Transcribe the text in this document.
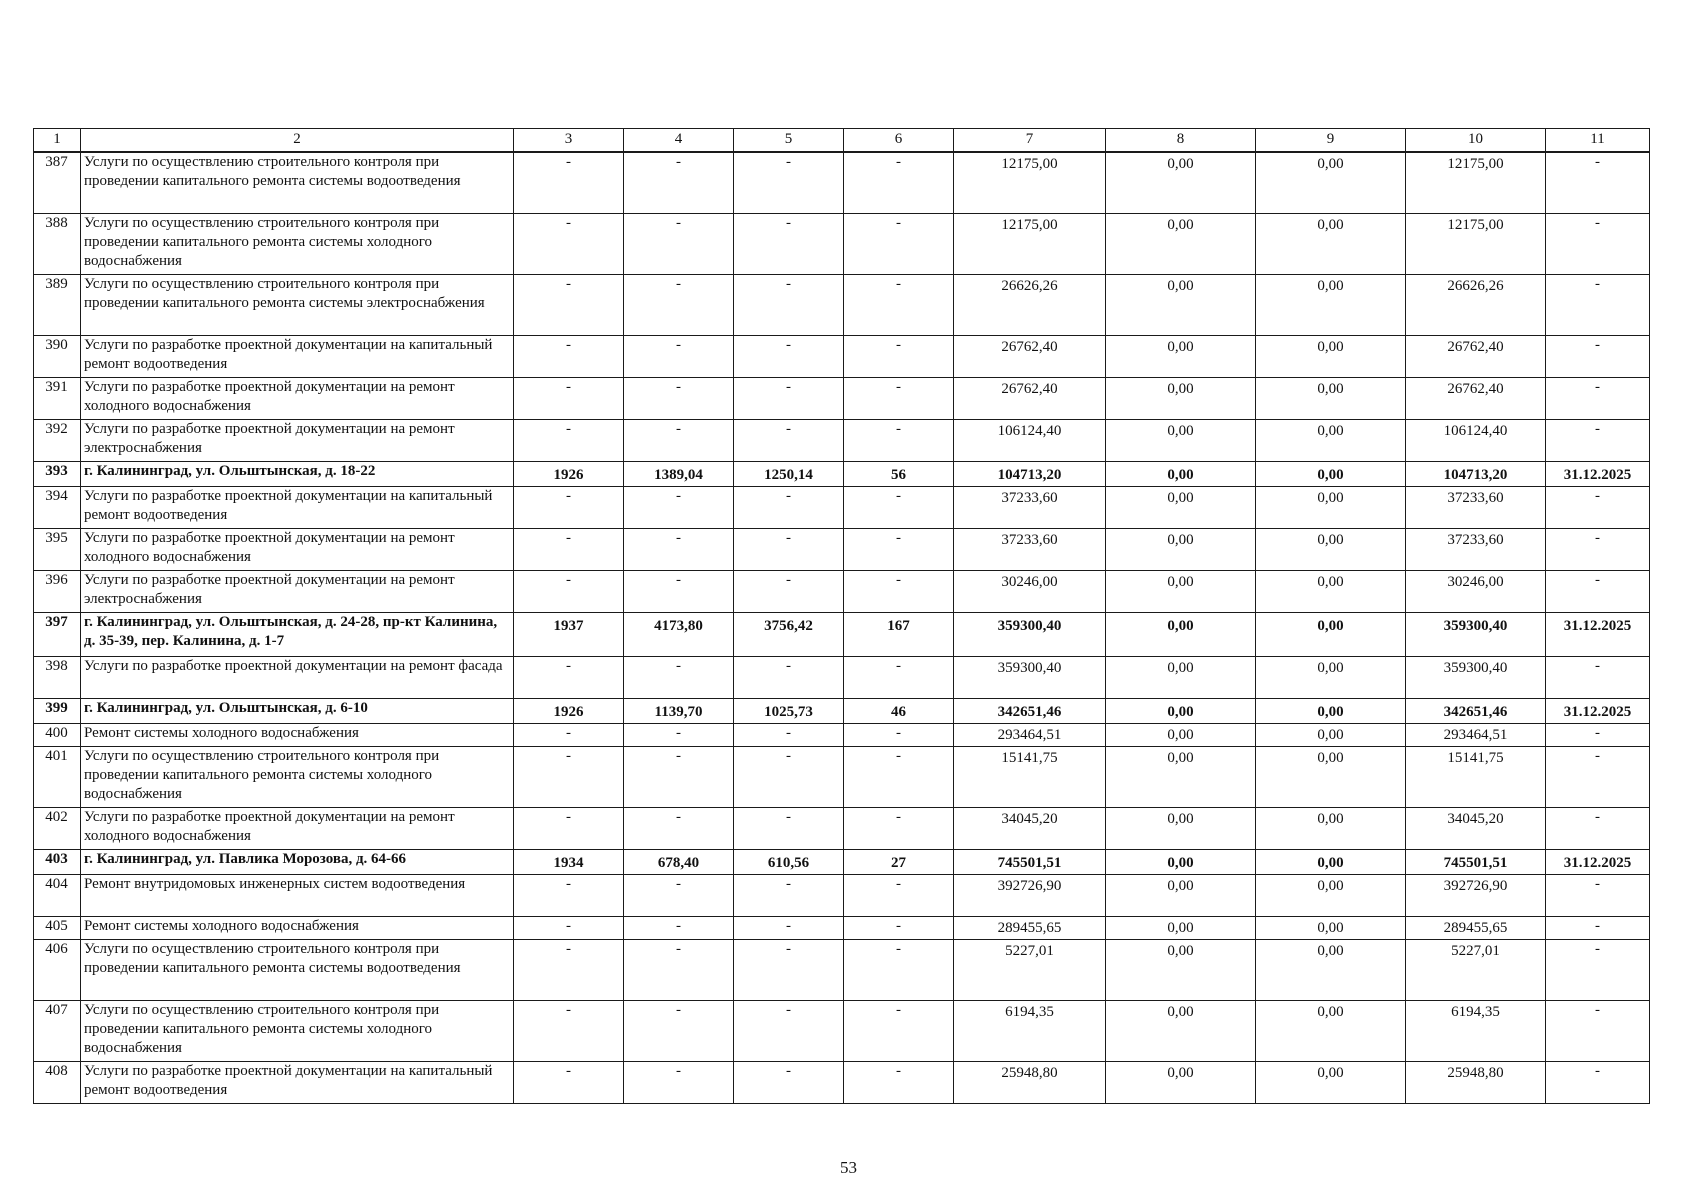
1	2	3	4	5	6	7	8	9	10	11
387	Услуги по осуществлению строительного контроля при проведении капитального ремонта системы водоотведения	-	-	-	-	12175,00	0,00	0,00	12175,00	-
388	Услуги по осуществлению строительного контроля при проведении капитального ремонта системы холодного водоснабжения	-	-	-	-	12175,00	0,00	0,00	12175,00	-
389	Услуги по осуществлению строительного контроля при проведении капитального ремонта системы электроснабжения	-	-	-	-	26626,26	0,00	0,00	26626,26	-
390	Услуги по разработке проектной документации на капитальный ремонт водоотведения	-	-	-	-	26762,40	0,00	0,00	26762,40	-
391	Услуги по разработке проектной документации на ремонт холодного водоснабжения	-	-	-	-	26762,40	0,00	0,00	26762,40	-
392	Услуги по разработке проектной документации на ремонт электроснабжения	-	-	-	-	106124,40	0,00	0,00	106124,40	-
393	г. Калининград, ул. Ольштынская, д. 18-22	1926	1389,04	1250,14	56	104713,20	0,00	0,00	104713,20	31.12.2025
394	Услуги по разработке проектной документации на капитальный ремонт водоотведения	-	-	-	-	37233,60	0,00	0,00	37233,60	-
395	Услуги по разработке проектной документации на ремонт холодного водоснабжения	-	-	-	-	37233,60	0,00	0,00	37233,60	-
396	Услуги по разработке проектной документации на ремонт электроснабжения	-	-	-	-	30246,00	0,00	0,00	30246,00	-
397	г. Калининград, ул. Ольштынская, д. 24-28, пр-кт Калинина, д. 35-39, пер. Калинина, д. 1-7	1937	4173,80	3756,42	167	359300,40	0,00	0,00	359300,40	31.12.2025
398	Услуги по разработке проектной документации на ремонт фасада	-	-	-	-	359300,40	0,00	0,00	359300,40	-
399	г. Калининград, ул. Ольштынская, д. 6-10	1926	1139,70	1025,73	46	342651,46	0,00	0,00	342651,46	31.12.2025
400	Ремонт системы холодного водоснабжения	-	-	-	-	293464,51	0,00	0,00	293464,51	-
401	Услуги по осуществлению строительного контроля при проведении капитального ремонта системы холодного водоснабжения	-	-	-	-	15141,75	0,00	0,00	15141,75	-
402	Услуги по разработке проектной документации на ремонт холодного водоснабжения	-	-	-	-	34045,20	0,00	0,00	34045,20	-
403	г. Калининград, ул. Павлика Морозова, д. 64-66	1934	678,40	610,56	27	745501,51	0,00	0,00	745501,51	31.12.2025
404	Ремонт внутридомовых инженерных систем водоотведения	-	-	-	-	392726,90	0,00	0,00	392726,90	-
405	Ремонт системы холодного водоснабжения	-	-	-	-	289455,65	0,00	0,00	289455,65	-
406	Услуги по осуществлению строительного контроля при проведении капитального ремонта системы водоотведения	-	-	-	-	5227,01	0,00	0,00	5227,01	-
407	Услуги по осуществлению строительного контроля при проведении капитального ремонта системы холодного водоснабжения	-	-	-	-	6194,35	0,00	0,00	6194,35	-
408	Услуги по разработке проектной документации на капитальный ремонт водоотведения	-	-	-	-	25948,80	0,00	0,00	25948,80	-
53
